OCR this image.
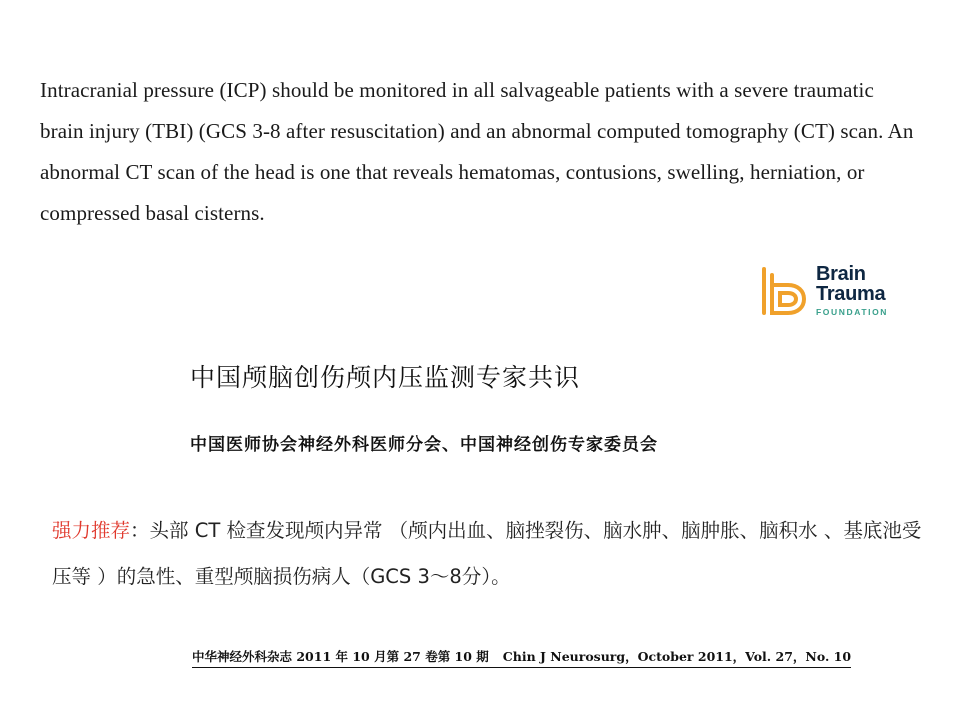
Intracranial pressure (ICP) should be monitored in all salvageable patients with a severe traumatic brain injury (TBI) (GCS 3-8 after resuscitation) and an abnormal computed tomography (CT) scan. An abnormal CT scan of the head is one that reveals hematomas, contusions, swelling, herniation, or compressed basal cisterns.

Brain
Trauma
FOUNDATION
中国颅脑创伤颅内压监测专家共识
中国医师协会神经外科医师分会、中国神经创伤专家委员会

强力推荐：头部 CT 检查发现颅内异常 （颅内出血、脑挫裂伤、脑水肿、脑肿胀、脑积水 、基底池受压等 ）的急性、重型颅脑损伤病人（GCS 3～8分）。

中华神经外科杂志 2011 年 10 月第 27 卷第 10 期 Chin J Neurosurg，October 2011，Vol. 27，No. 10
